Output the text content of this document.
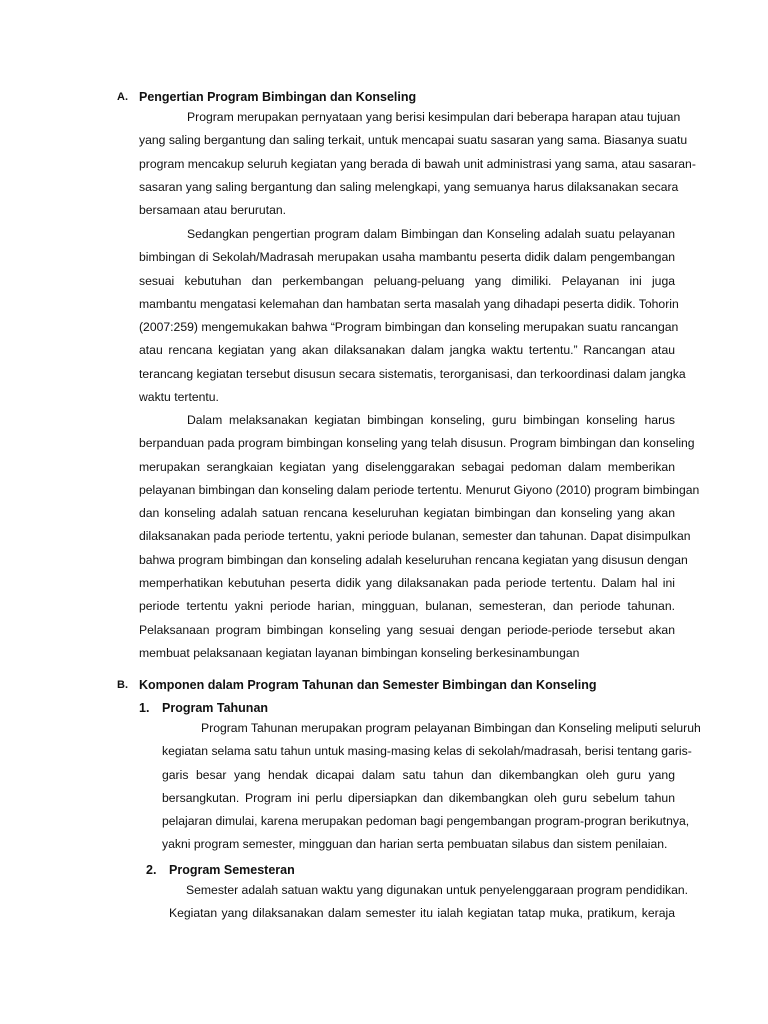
A. Pengertian Program Bimbingan dan Konseling
Program merupakan pernyataan yang berisi kesimpulan dari beberapa harapan atau tujuan
yang saling bergantung dan saling terkait, untuk mencapai suatu sasaran yang sama. Biasanya suatu
program mencakup seluruh kegiatan yang berada di bawah unit administrasi yang sama, atau sasaran-
sasaran yang saling bergantung dan saling melengkapi, yang semuanya harus dilaksanakan secara
bersamaan atau berurutan.
Sedangkan pengertian program dalam Bimbingan dan Konseling adalah suatu pelayanan
bimbingan di Sekolah/Madrasah merupakan usaha mambantu peserta didik dalam pengembangan
sesuai kebutuhan dan perkembangan peluang-peluang yang dimiliki. Pelayanan ini juga
mambantu mengatasi kelemahan dan hambatan serta masalah yang dihadapi peserta didik. Tohorin
(2007:259) mengemukakan bahwa “Program bimbingan dan konseling merupakan suatu rancangan
atau rencana kegiatan yang akan dilaksanakan dalam jangka waktu tertentu.” Rancangan atau
terancang kegiatan tersebut disusun secara sistematis, terorganisasi, dan terkoordinasi dalam jangka
waktu tertentu.
Dalam melaksanakan kegiatan bimbingan konseling, guru bimbingan konseling harus
berpanduan pada program bimbingan konseling yang telah disusun. Program bimbingan dan konseling
merupakan serangkaian kegiatan yang diselenggarakan sebagai pedoman dalam memberikan
pelayanan bimbingan dan konseling dalam periode tertentu. Menurut Giyono (2010) program bimbingan
dan konseling adalah satuan rencana keseluruhan kegiatan bimbingan dan konseling yang akan
dilaksanakan pada periode tertentu, yakni periode bulanan, semester dan tahunan. Dapat disimpulkan
bahwa program bimbingan dan konseling adalah keseluruhan rencana kegiatan yang disusun dengan
memperhatikan kebutuhan peserta didik yang dilaksanakan pada periode tertentu. Dalam hal ini
periode tertentu yakni periode harian, mingguan, bulanan, semesteran, dan periode tahunan.
Pelaksanaan program bimbingan konseling yang sesuai dengan periode-periode tersebut akan
membuat pelaksanaan kegiatan layanan bimbingan konseling berkesinambungan
B. Komponen dalam Program Tahunan dan Semester Bimbingan dan Konseling
1. Program Tahunan
Program Tahunan merupakan program pelayanan Bimbingan dan Konseling meliputi seluruh
kegiatan selama satu tahun untuk masing-masing kelas di sekolah/madrasah, berisi tentang garis-
garis besar yang hendak dicapai dalam satu tahun dan dikembangkan oleh guru yang
bersangkutan. Program ini perlu dipersiapkan dan dikembangkan oleh guru sebelum tahun
pelajaran dimulai, karena merupakan pedoman bagi pengembangan program-progran berikutnya,
yakni program semester, mingguan dan harian serta pembuatan silabus dan sistem penilaian.
2. Program Semesteran
Semester adalah satuan waktu yang digunakan untuk penyelenggaraan program pendidikan.
Kegiatan yang dilaksanakan dalam semester itu ialah kegiatan tatap muka, pratikum, keraja
